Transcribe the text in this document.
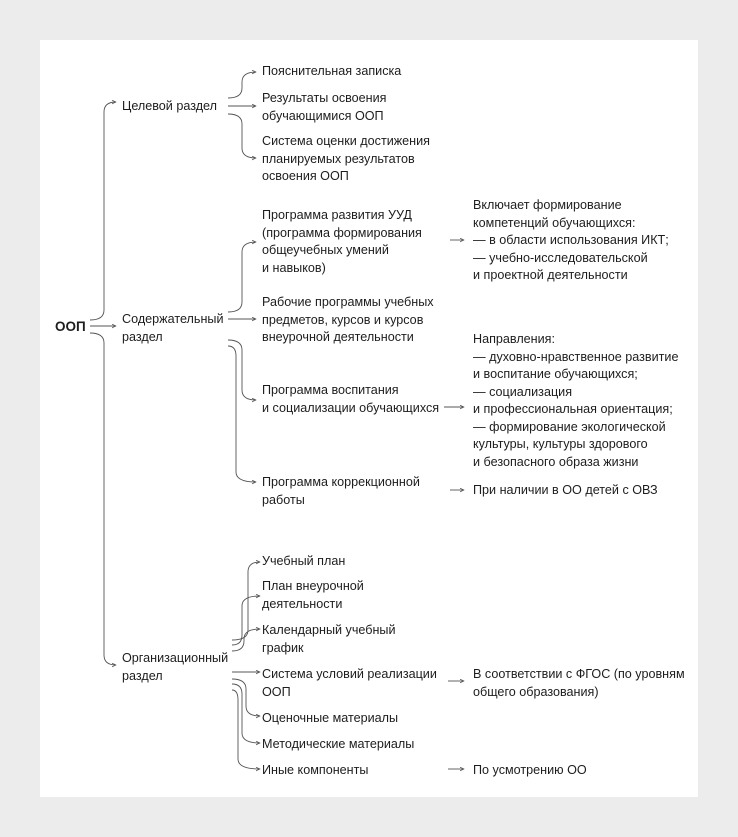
ООП

Целевой раздел

Содержательный
раздел

Организационный
раздел

Пояснительная записка

Результаты освоения
обучающимися ООП

Система оценки достижения
планируемых результатов
освоения ООП

Программа развития УУД
(программа формирования
общеучебных умений
и навыков)

Рабочие программы учебных
предметов, курсов и курсов
внеурочной деятельности

Программа воспитания
и социализации обучающихся

Программа коррекционной
работы

Включает формирование
компетенций обучающихся:
— в области использования ИКТ;
— учебно-исследовательской
и проектной деятельности

Направления:
— духовно-нравственное развитие
и воспитание обучающихся;
— социализация
и профессиональная ориентация;
— формирование экологической
культуры, культуры здорового
и безопасного образа жизни

При наличии в ОО детей с ОВЗ

Учебный план

План внеурочной
деятельности

Календарный учебный
график

Система условий реализации
ООП

Оценочные материалы

Методические материалы

Иные компоненты

В соответствии с ФГОС (по уровням
общего образования)

По усмотрению ОО
